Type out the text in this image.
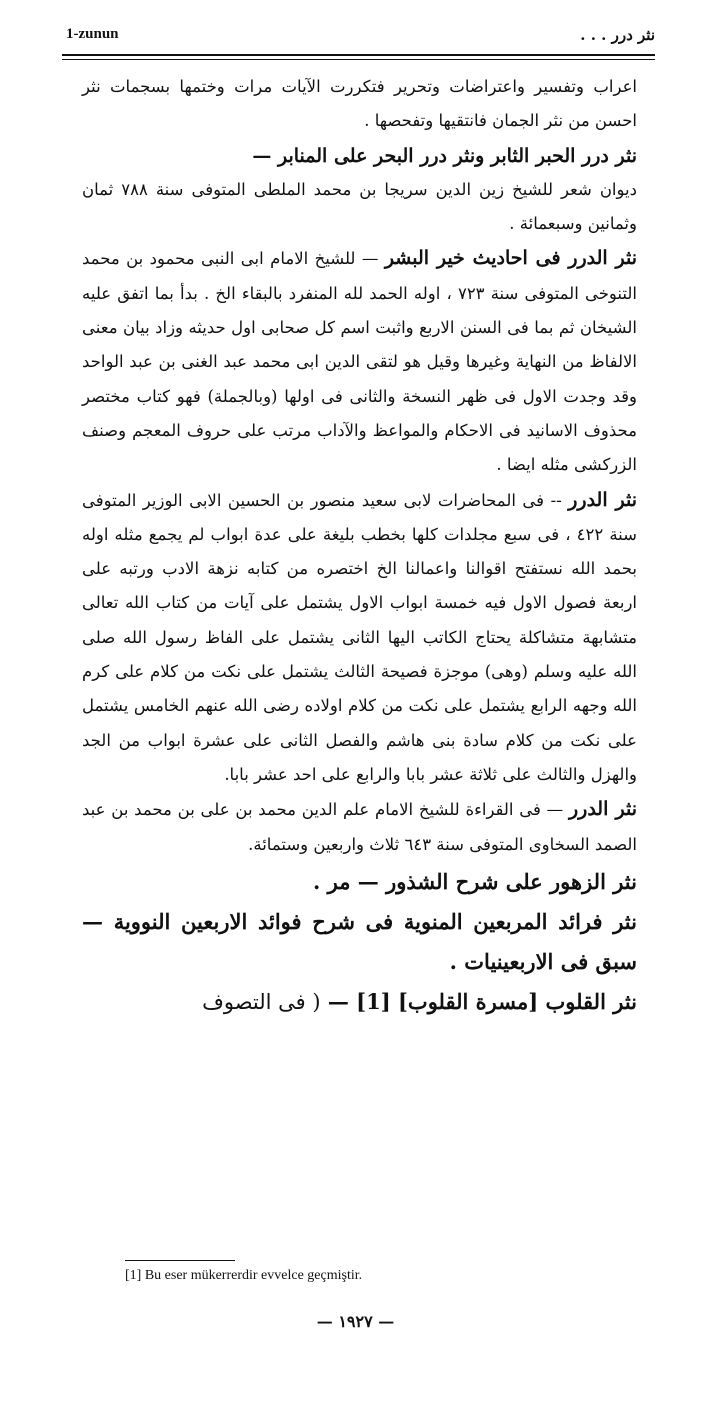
1-zunun	نثر درر . . .

اعراب وتفسير واعتراضات وتحرير فتكررت الآيات مرات وختمها بسجمات نثر احسن من نثر الجمان فانتقيها وتفحصها .

نثر درر الحبر الثابر ونثر درر البحر على المنابر —

ديوان شعر للشيخ زين الدين سريجا بن محمد الملطى المتوفى سنة ٧٨٨ ثمان وثمانين وسبعمائة .

نثر الدرر فى احاديث خير البشر — للشيخ الامام ابى النبى محمود بن محمد التنوخى المتوفى سنة ٧٢٣ ، اوله الحمد لله المنفرد بالبقاء الخ . بدأ بما اتفق عليه الشيخان ثم بما فى السنن الاربع واثبت اسم كل صحابى اول حديثه وزاد بيان معنى الالفاظ من النهاية وغيرها وقيل هو لتقى الدين ابى محمد عبد الغنى بن عبد الواحد وقد وجدت الاول فى ظهر النسخة والثانى فى اولها (وبالجملة) فهو كتاب مختصر محذوف الاسانيد فى الاحكام والمواعظ والآداب مرتب على حروف المعجم وصنف الزركشى مثله ايضا .

نثر الدرر -- فى المحاضرات لابى سعيد منصور بن الحسين الابى الوزير المتوفى سنة ٤٢٢ ، فى سبع مجلدات كلها بخطب بليغة على عدة ابواب لم يجمع مثله اوله بحمد الله نستفتح اقوالنا واعمالنا الخ اختصره من كتابه نزهة الادب ورتبه على اربعة فصول الاول فيه خمسة ابواب الاول يشتمل على آيات من كتاب الله تعالى متشابهة متشاكلة يحتاج الكاتب اليها الثانى يشتمل على الفاظ رسول الله صلى الله عليه وسلم (وهى) موجزة فصيحة الثالث يشتمل على نكت من كلام على كرم الله وجهه الرابع يشتمل على نكت من كلام اولاده رضى الله عنهم الخامس يشتمل على نكت من كلام سادة بنى هاشم والفصل الثانى على عشرة ابواب من الجد والهزل والثالث على ثلاثة عشر بابا والرابع على احد عشر بابا.

نثر الدرر — فى القراءة للشيخ الامام علم الدين محمد بن على بن محمد بن عبد الصمد السخاوى المتوفى سنة ٦٤٣ ثلاث واربعين وستمائة.

نثر الزهور على شرح الشذور — مر .

نثر فرائد المربعين المنوية فى شرح فوائد الاربعين النووية — سبق فى الاربعينيات .

نثر القلوب [مسرة القلوب] [1] — ( فى التصوف

[1] Bu eser mükerrerdir evvelce geçmiştir.
— ١٩٢٧ —
